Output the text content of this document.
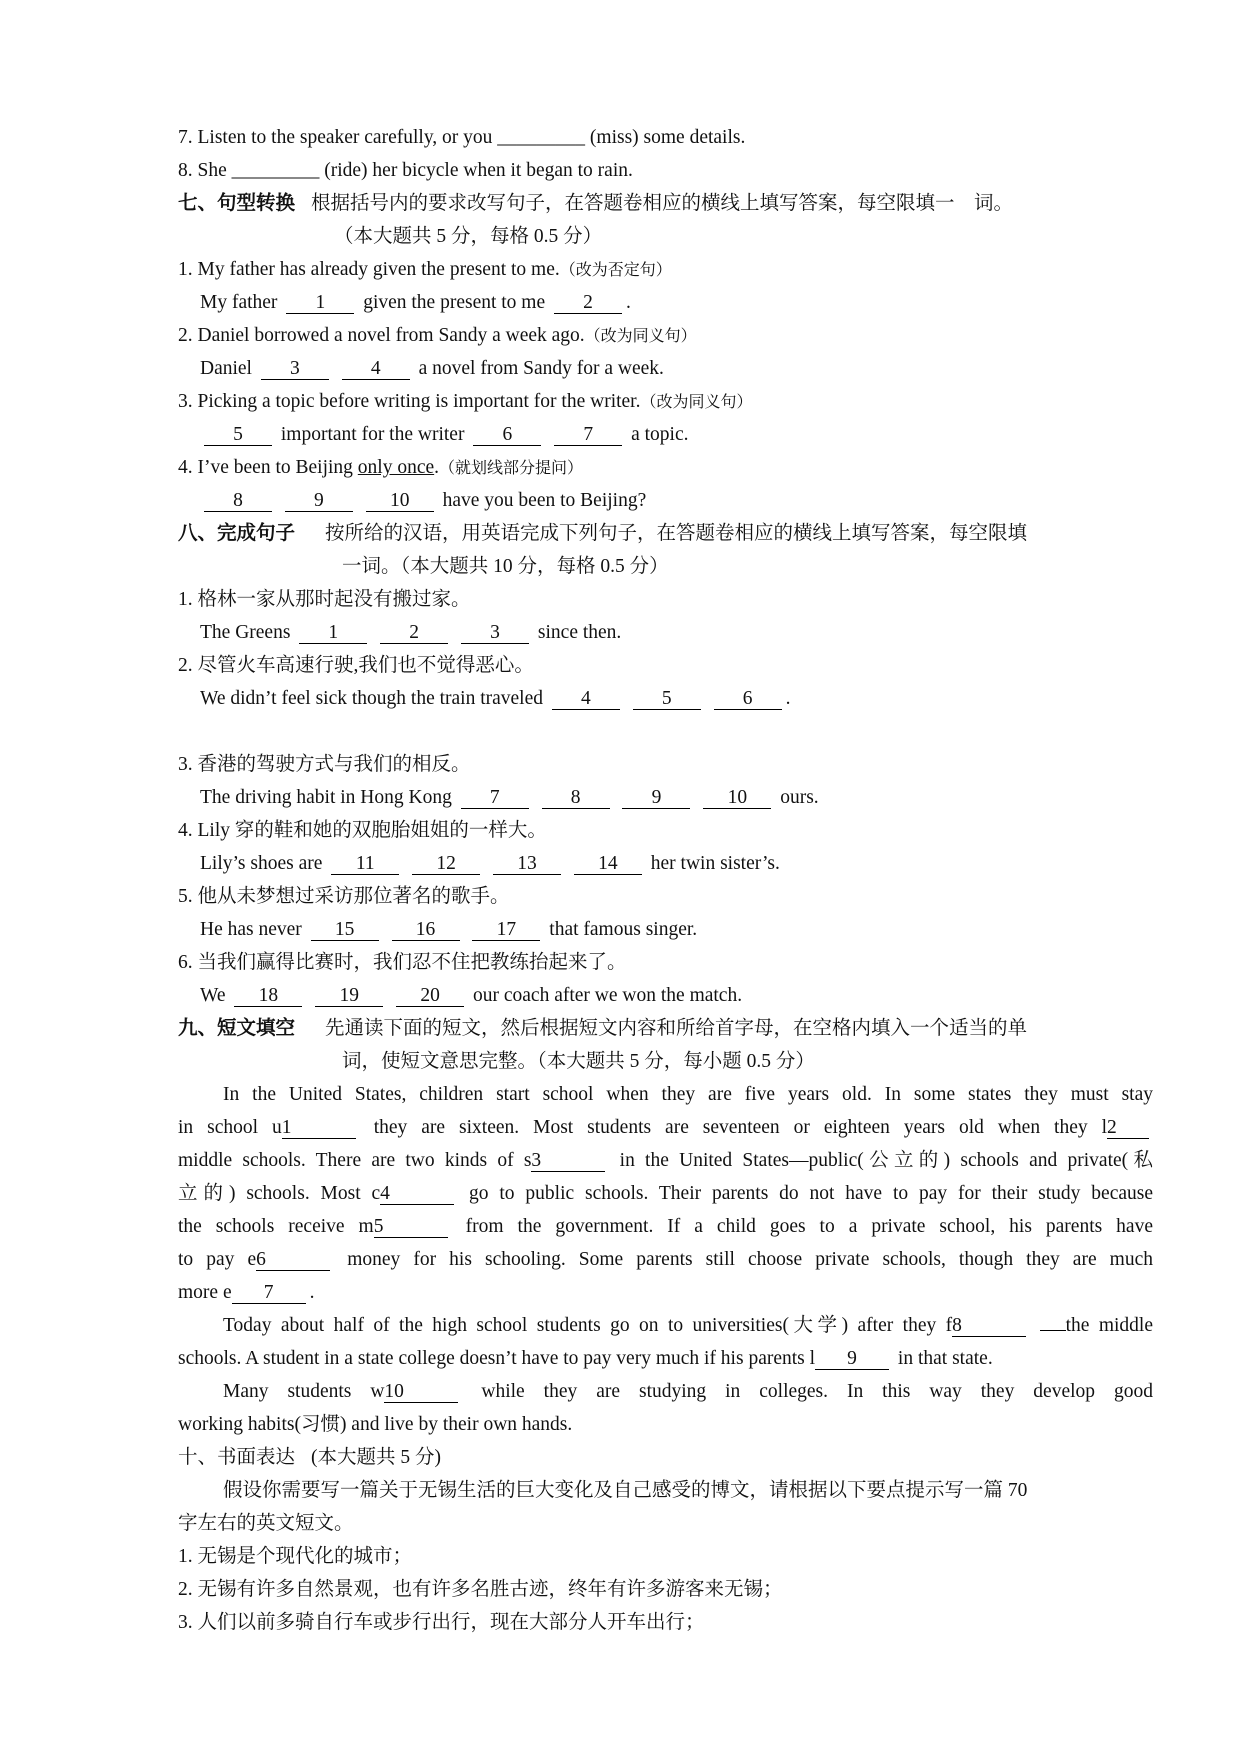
7. Listen to the speaker carefully, or you _________ (miss) some details.
8. She _________ (ride) her bicycle when it began to rain.
七、句型转换 根据括号内的要求改写句子，在答题卷相应的横线上填写答案，每空限填一　词。
（本大题共 5 分，每格 0.5 分）
1. My father has already given the present to me.（改为否定句）
My father 1 given the present to me 2 .
2. Daniel borrowed a novel from Sandy a week ago.（改为同义句）
Daniel 3	4 a novel from Sandy for a week.
3. Picking a topic before writing is important for the writer.（改为同义句）
5 important for the writer 6	7 a topic.
4. I’ve been to Beijing only once.（就划线部分提问）
8	9	10 have you been to Beijing?
八、完成句子 按所给的汉语，用英语完成下列句子，在答题卷相应的横线上填写答案，每空限填
一词。（本大题共 10 分，每格 0.5 分）
1. 格林一家从那时起没有搬过家。
The Greens 1	2	3 since then.
2. 尽管火车高速行驶,我们也不觉得恶心。
We didn’t feel sick though the train traveled 4	5	6 .
3. 香港的驾驶方式与我们的相反。
The driving habit in Hong Kong 7	8	9	10 ours.
4. Lily 穿的鞋和她的双胞胎姐姐的一样大。
Lily’s shoes are 11	12	13	14 her twin sister’s.
5. 他从未梦想过采访那位著名的歌手。
He has never 15	16	17 that famous singer.
6. 当我们赢得比赛时，我们忍不住把教练抬起来了。
We 18	19	20 our coach after we won the match.
九、短文填空 先通读下面的短文，然后根据短文内容和所给首字母，在空格内填入一个适当的单
词，使短文意思完整。（本大题共 5 分，每小题 0.5 分）
In the United States, children start school when they are five years old. In some states they must stay
in school u1	they are sixteen. Most students are seventeen or eighteen years old when they l2
middle schools. There are two kinds of s3	in the United States—public(公立的) schools and private(私
立的) schools. Most c4	go to public schools. Their parents do not have to pay for their study because
the schools receive m5	from the government. If a child goes to a private school, his parents have
to pay e6	money for his schooling. Some parents still choose private schools, though they are much
more e 7 .
Today about half of the high school students go on to universities(大学) after they f8	the middle
schools. A student in a state college doesn’t have to pay very much if his parents l 9 in that state.
Many students w10	while they are studying in colleges. In this way they develop good
working habits(习惯) and live by their own hands.
十、书面表达 (本大题共 5 分)
假设你需要写一篇关于无锡生活的巨大变化及自己感受的博文，请根据以下要点提示写一篇 70
字左右的英文短文。
1. 无锡是个现代化的城市；
2. 无锡有许多自然景观，也有许多名胜古迹，终年有许多游客来无锡；
3. 人们以前多骑自行车或步行出行，现在大部分人开车出行；
